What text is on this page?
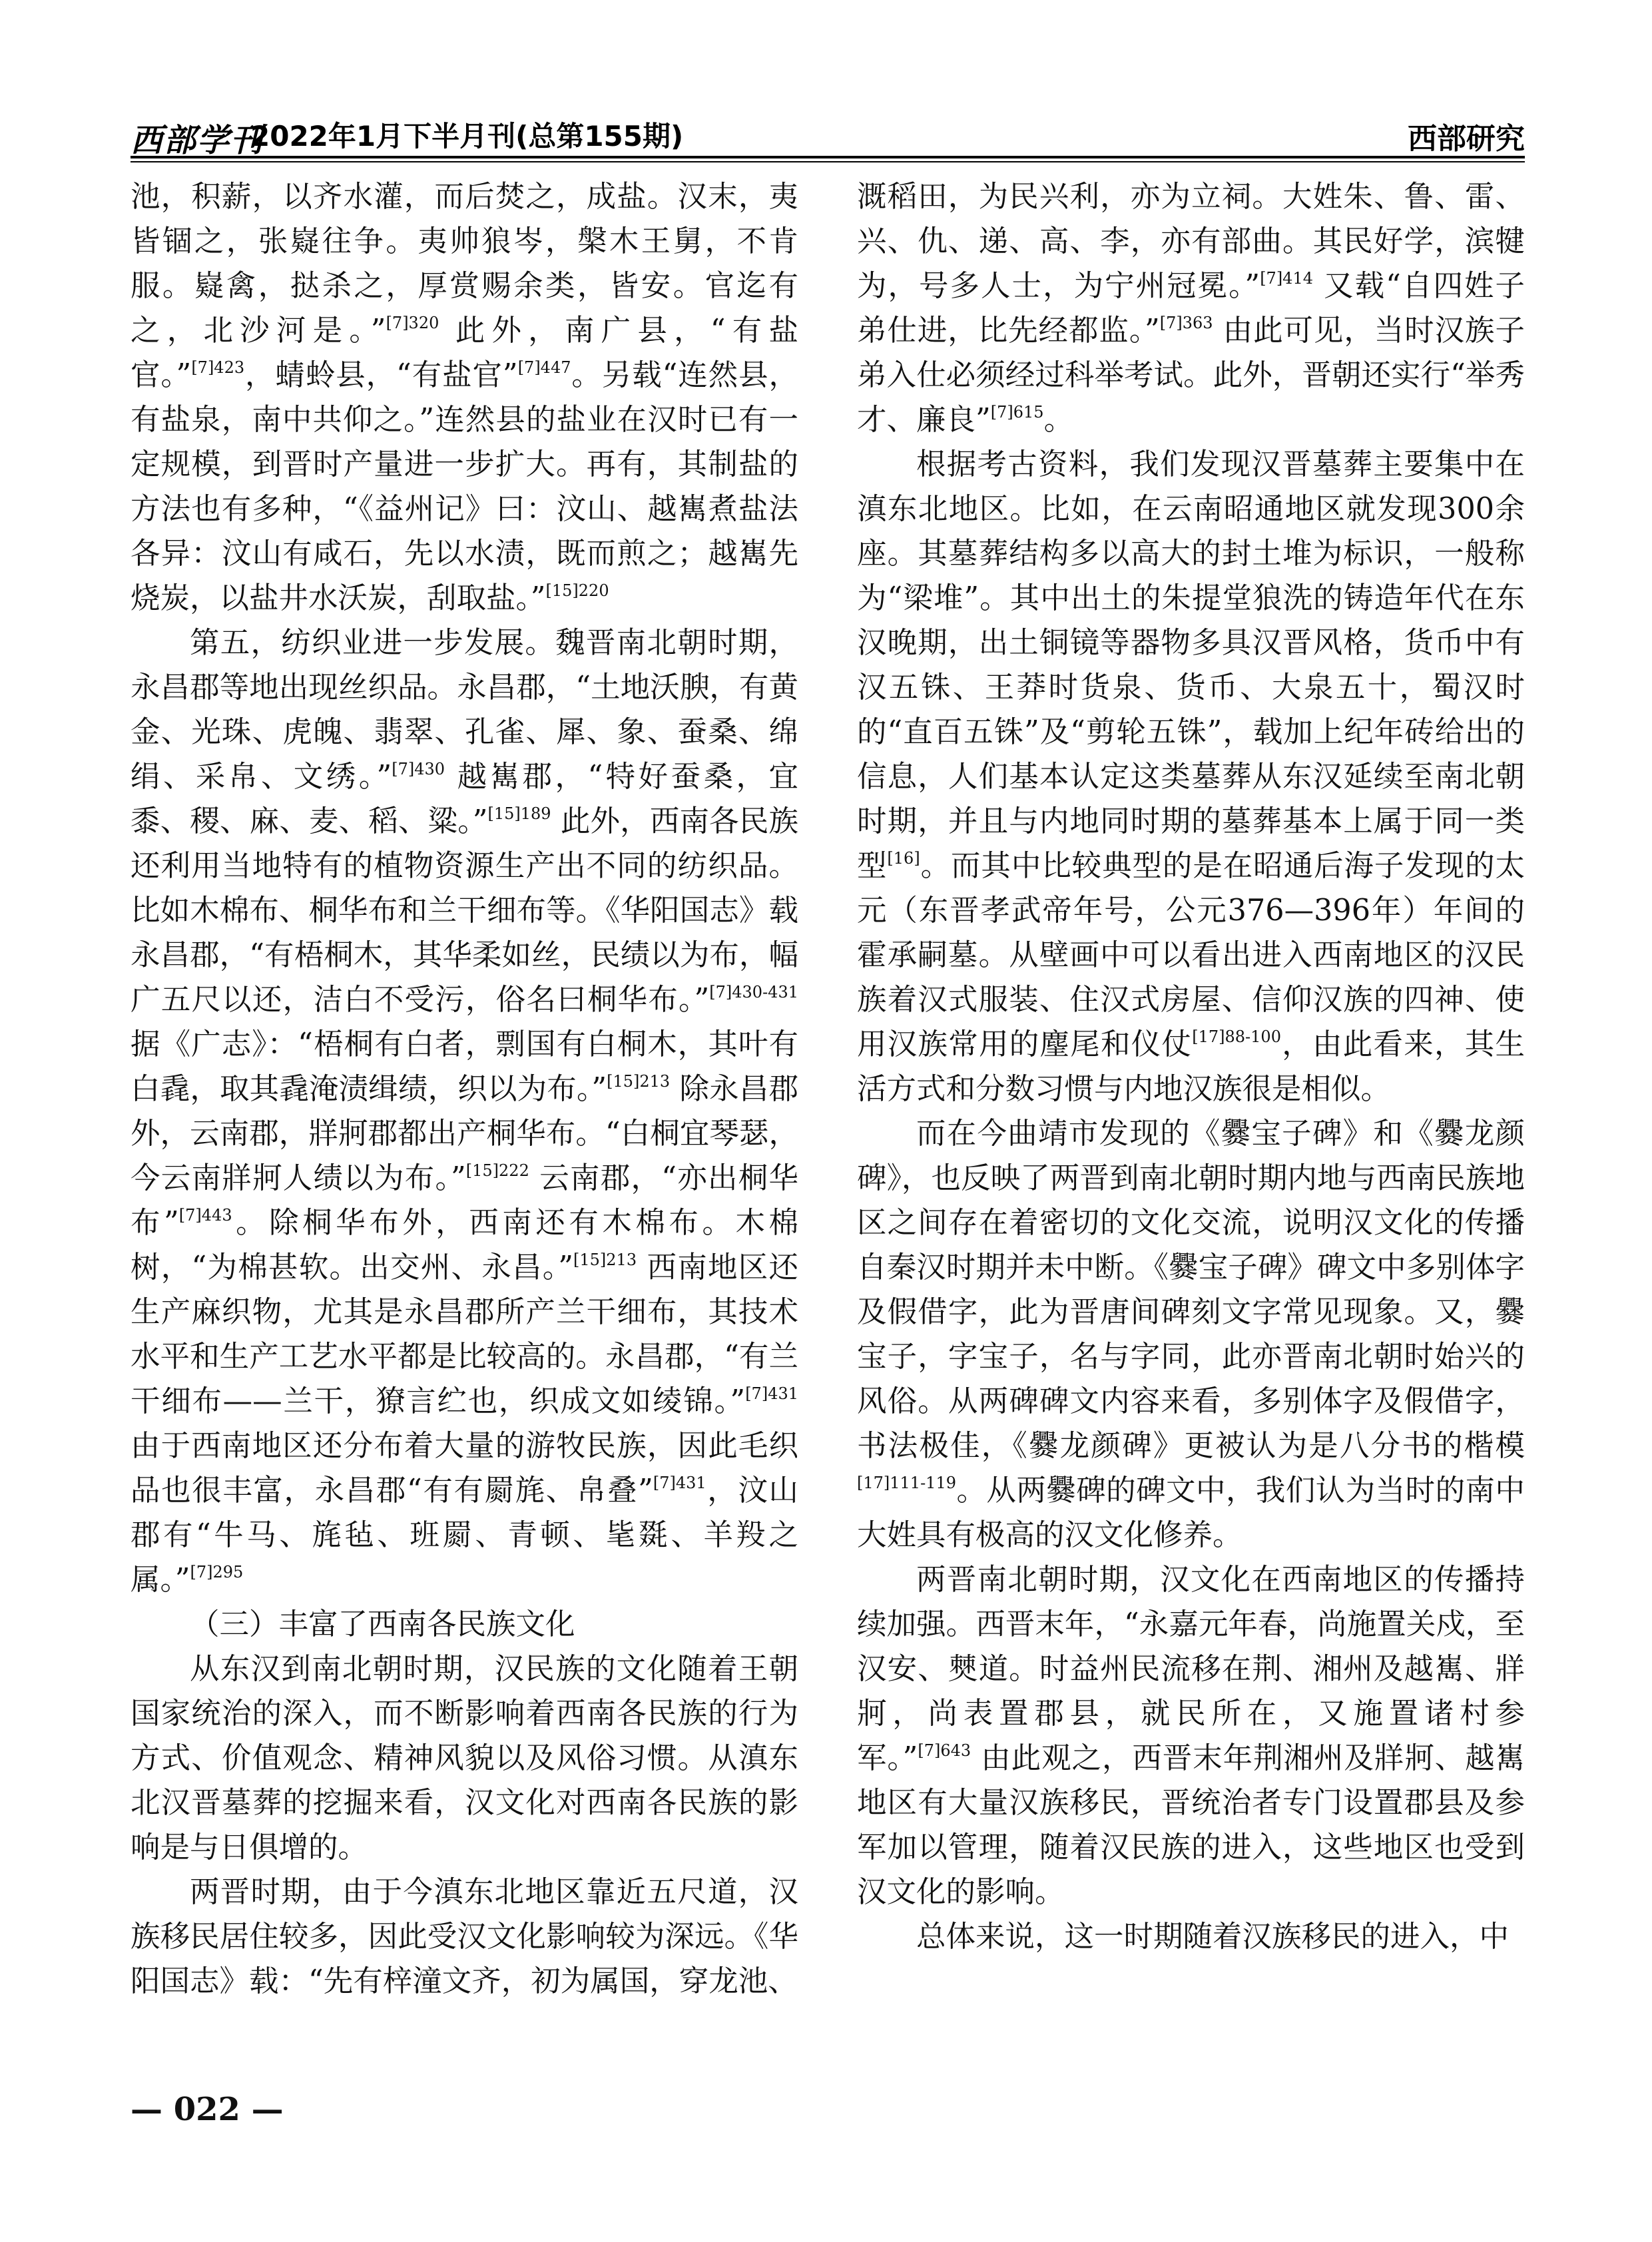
西部学刊
2022年1月下半月刊(总第155期)	西部研究

池，积薪，以齐水灌，而后焚之，成盐。汉末，夷皆锢之，张嶷往争。夷帅狼岑，槃木王舅，不肯服。嶷禽，挞杀之，厚赏赐余类，皆安。官迄有之，北沙河是。”$^{[7]320}$ 此外，南广县，“有盐官。”$^{[7]423}$，蜻蛉县，“有盐官”$^{[7]447}$。另载“连然县，有盐泉，南中共仰之。”连然县的盐业在汉时已有一定规模，到晋时产量进一步扩大。再有，其制盐的方法也有多种，“《益州记》曰：汶山、越嶲煮盐法各异：汶山有咸石，先以水渍，既而煎之；越嶲先烧炭，以盐井水沃炭，刮取盐。”$^{[15]220}$

第五，纺织业进一步发展。魏晋南北朝时期，永昌郡等地出现丝织品。永昌郡，“土地沃腴，有黄金、光珠、虎魄、翡翠、孔雀、犀、象、蚕桑、绵绢、采帛、文绣。”$^{[7]430}$ 越嶲郡，“特好蚕桑，宜黍、稷、麻、麦、稻、粱。”$^{[15]189}$ 此外，西南各民族还利用当地特有的植物资源生产出不同的纺织品。比如木棉布、桐华布和兰干细布等。《华阳国志》载永昌郡，“有梧桐木，其华柔如丝，民绩以为布，幅广五尺以还，洁白不受污，俗名曰桐华布。”$^{[7]430-431}$ 据《广志》：“梧桐有白者，剽国有白桐木，其叶有白毳，取其毳淹渍缉绩，织以为布。”$^{[15]213}$ 除永昌郡外，云南郡，牂牁郡都出产桐华布。“白桐宜琴瑟，今云南牂牁人绩以为布。”$^{[15]222}$ 云南郡，“亦出桐华布”$^{[7]443}$。除桐华布外，西南还有木棉布。木棉树，“为棉甚软。出交州、永昌。”$^{[15]213}$ 西南地区还生产麻织物，尤其是永昌郡所产兰干细布，其技术水平和生产工艺水平都是比较高的。永昌郡，“有兰干细布——兰干，獠言纻也，织成文如绫锦。”$^{[7]431}$ 由于西南地区还分布着大量的游牧民族，因此毛织品也很丰富，永昌郡“有有罽旄、帛叠”$^{[7]431}$，汶山郡有“牛马、旄毡、班罽、青顿、毞毲、羊羖之属。”$^{[7]295}$

（三）丰富了西南各民族文化

从东汉到南北朝时期，汉民族的文化随着王朝国家统治的深入，而不断影响着西南各民族的行为方式、价值观念、精神风貌以及风俗习惯。从滇东北汉晋墓葬的挖掘来看，汉文化对西南各民族的影响是与日俱增的。

两晋时期，由于今滇东北地区靠近五尺道，汉族移民居住较多，因此受汉文化影响较为深远。《华阳国志》载：“先有梓潼文齐，初为属国，穿龙池、

溉稻田，为民兴利，亦为立祠。大姓朱、鲁、雷、兴、仇、递、高、李，亦有部曲。其民好学，滨犍为，号多人士，为宁州冠冕。”$^{[7]414}$ 又载“自四姓子弟仕进，比先经都监。”$^{[7]363}$ 由此可见，当时汉族子弟入仕必须经过科举考试。此外，晋朝还实行“举秀才、廉良”$^{[7]615}$。

根据考古资料，我们发现汉晋墓葬主要集中在滇东北地区。比如，在云南昭通地区就发现300余座。其墓葬结构多以高大的封土堆为标识，一般称为“梁堆”。其中出土的朱提堂狼洗的铸造年代在东汉晚期，出土铜镜等器物多具汉晋风格，货币中有汉五铢、王莽时货泉、货币、大泉五十，蜀汉时的“直百五铢”及“剪轮五铢”，载加上纪年砖给出的信息，人们基本认定这类墓葬从东汉延续至南北朝时期，并且与内地同时期的墓葬基本上属于同一类型[16]。而其中比较典型的是在昭通后海子发现的太元（东晋孝武帝年号，公元376—396年）年间的霍承嗣墓。从壁画中可以看出进入西南地区的汉民族着汉式服装、住汉式房屋、信仰汉族的四神、使用汉族常用的麈尾和仪仗$^{[17]88-100}$，由此看来，其生活方式和分数习惯与内地汉族很是相似。

而在今曲靖市发现的《爨宝子碑》和《爨龙颜碑》，也反映了两晋到南北朝时期内地与西南民族地区之间存在着密切的文化交流，说明汉文化的传播自秦汉时期并未中断。《爨宝子碑》碑文中多别体字及假借字，此为晋唐间碑刻文字常见现象。又，爨宝子，字宝子，名与字同，此亦晋南北朝时始兴的风俗。从两碑碑文内容来看，多别体字及假借字，书法极佳，《爨龙颜碑》更被认为是八分书的楷模$^{[17]111-119}$。从两爨碑的碑文中，我们认为当时的南中大姓具有极高的汉文化修养。

两晋南北朝时期，汉文化在西南地区的传播持续加强。西晋末年，“永嘉元年春，尚施置关戍，至汉安、僰道。时益州民流移在荆、湘州及越嶲、牂牁，尚表置郡县，就民所在，又施置诸村参军。”$^{[7]643}$ 由此观之，西晋末年荆湘州及牂牁、越嶲地区有大量汉族移民，晋统治者专门设置郡县及参军加以管理，随着汉民族的进入，这些地区也受到汉文化的影响。

总体来说，这一时期随着汉族移民的进入，中

— 022 —
